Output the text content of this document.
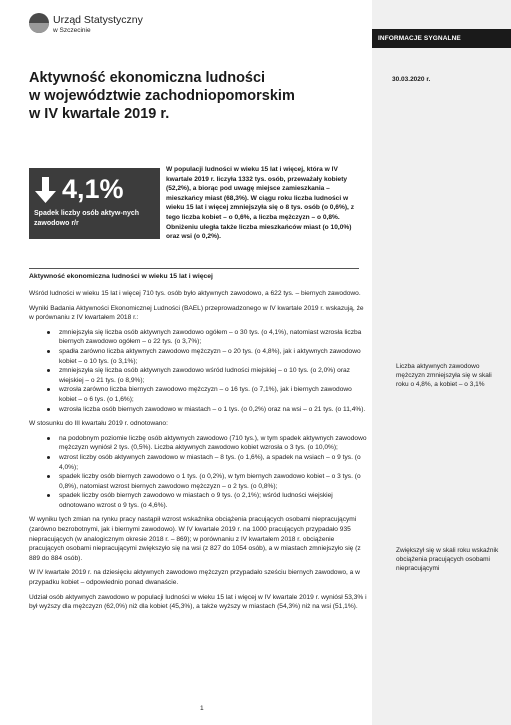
INFORMACJE SYGNALNE
30.03.2020 r.
Urząd Statystyczny
w Szczecinie
Aktywność ekonomiczna ludności
w województwie zachodniopomorskim
w IV kwartale 2019 r.
4,1%
Spadek liczby osób aktyw-nych zawodowo r/r
W populacji ludności w wieku 15 lat i więcej, która w IV kwartale 2019 r. liczyła 1332 tys. osób, przeważały kobiety (52,2%), a biorąc pod uwagę miejsce zamieszkania – mieszkańcy miast (68,3%). W ciągu roku liczba ludności w wieku 15 lat i więcej zmniejszyła się o 8 tys. osób (o 0,6%), z tego liczba kobiet – o 0,6%, a liczba mężczyzn – o 0,8%. Obniżeniu uległa także liczba mieszkańców miast (o 10,0%) oraz wsi (o 0,2%).
Aktywność ekonomiczna ludności w wieku 15 lat i więcej

Wśród ludności w wieku 15 lat i więcej 710 tys. osób było aktywnych zawodowo, a 622 tys. – biernych zawodowo.

Wyniki Badania Aktywności Ekonomicznej Ludności (BAEL) przeprowadzonego w IV kwartale 2019 r. wskazują, że w porównaniu z IV kwartałem 2018 r.:

zmniejszyła się liczba osób aktywnych zawodowo ogółem – o 30 tys. (o 4,1%), natomiast wzrosła liczba biernych zawodowo ogółem – o 22 tys. (o 3,7%);
spadła zarówno liczba aktywnych zawodowo mężczyzn – o 20 tys. (o 4,8%), jak i aktywnych zawodowo kobiet – o 10 tys. (o 3,1%);
zmniejszyła się liczba osób aktywnych zawodowo wśród ludności miejskiej – o 10 tys. (o 2,0%) oraz wiejskiej – o 21 tys. (o 8,9%);
wzrosła zarówno liczba biernych zawodowo mężczyzn – o 16 tys. (o 7,1%), jak i biernych zawodowo kobiet – o 6 tys. (o 1,6%);
wzrosła liczba osób biernych zawodowo w miastach – o 1 tys. (o 0,2%) oraz na wsi – o 21 tys. (o 11,4%).

W stosunku do III kwartału 2019 r. odnotowano:

na podobnym poziomie liczbę osób aktywnych zawodowo (710 tys.), w tym spadek aktywnych zawodowo mężczyzn wyniósł 2 tys. (0,5%). Liczba aktywnych zawodowo kobiet wzrosła o 3 tys. (o 10,0%);
wzrost liczby osób aktywnych zawodowo w miastach – 8 tys. (o 1,6%), a spadek na wsiach – o 9 tys. (o 4,0%);
spadek liczby osób biernych zawodowo o 1 tys. (o 0,2%), w tym biernych zawodowo kobiet – o 3 tys. (o 0,8%), natomiast wzrost biernych zawodowo mężczyzn – o 2 tys. (o 0,8%);
spadek liczby osób biernych zawodowo w miastach o 9 tys. (o 2,1%); wśród ludności wiejskiej odnotowano wzrost o 9 tys. (o 4,6%).

W wyniku tych zmian na rynku pracy nastąpił wzrost wskaźnika obciążenia pracujących osobami niepracującymi (zarówno bezrobotnymi, jak i biernymi zawodowo). W IV kwartale 2019 r. na 1000 pracujących przypadało 935 niepracujących (w analogicznym okresie 2018 r. – 869); w porównaniu z IV kwartałem 2018 r. obciążenie pracujących osobami niepracującymi zwiększyło się na wsi (z 827 do 1054 osób), a w miastach zmniejszyło się (z 889 do 884 osób).

W IV kwartale 2019 r. na dziesięciu aktywnych zawodowo mężczyzn przypadało sześciu biernych zawodowo, a w przypadku kobiet – odpowiednio ponad dwanaście.

Udział osób aktywnych zawodowo w populacji ludności w wieku 15 lat i więcej w IV kwartale 2019 r. wyniósł 53,3% i był wyższy dla mężczyzn (62,0%) niż dla kobiet (45,3%), a także wyższy w miastach (54,3%) niż na wsi (51,1%).

Liczba aktywnych zawodowo mężczyzn zmniejszyła się w skali roku o 4,8%, a kobiet – o 3,1%
Zwiększył się w skali roku wskaźnik obciążenia pracujących osobami niepracującymi
1
